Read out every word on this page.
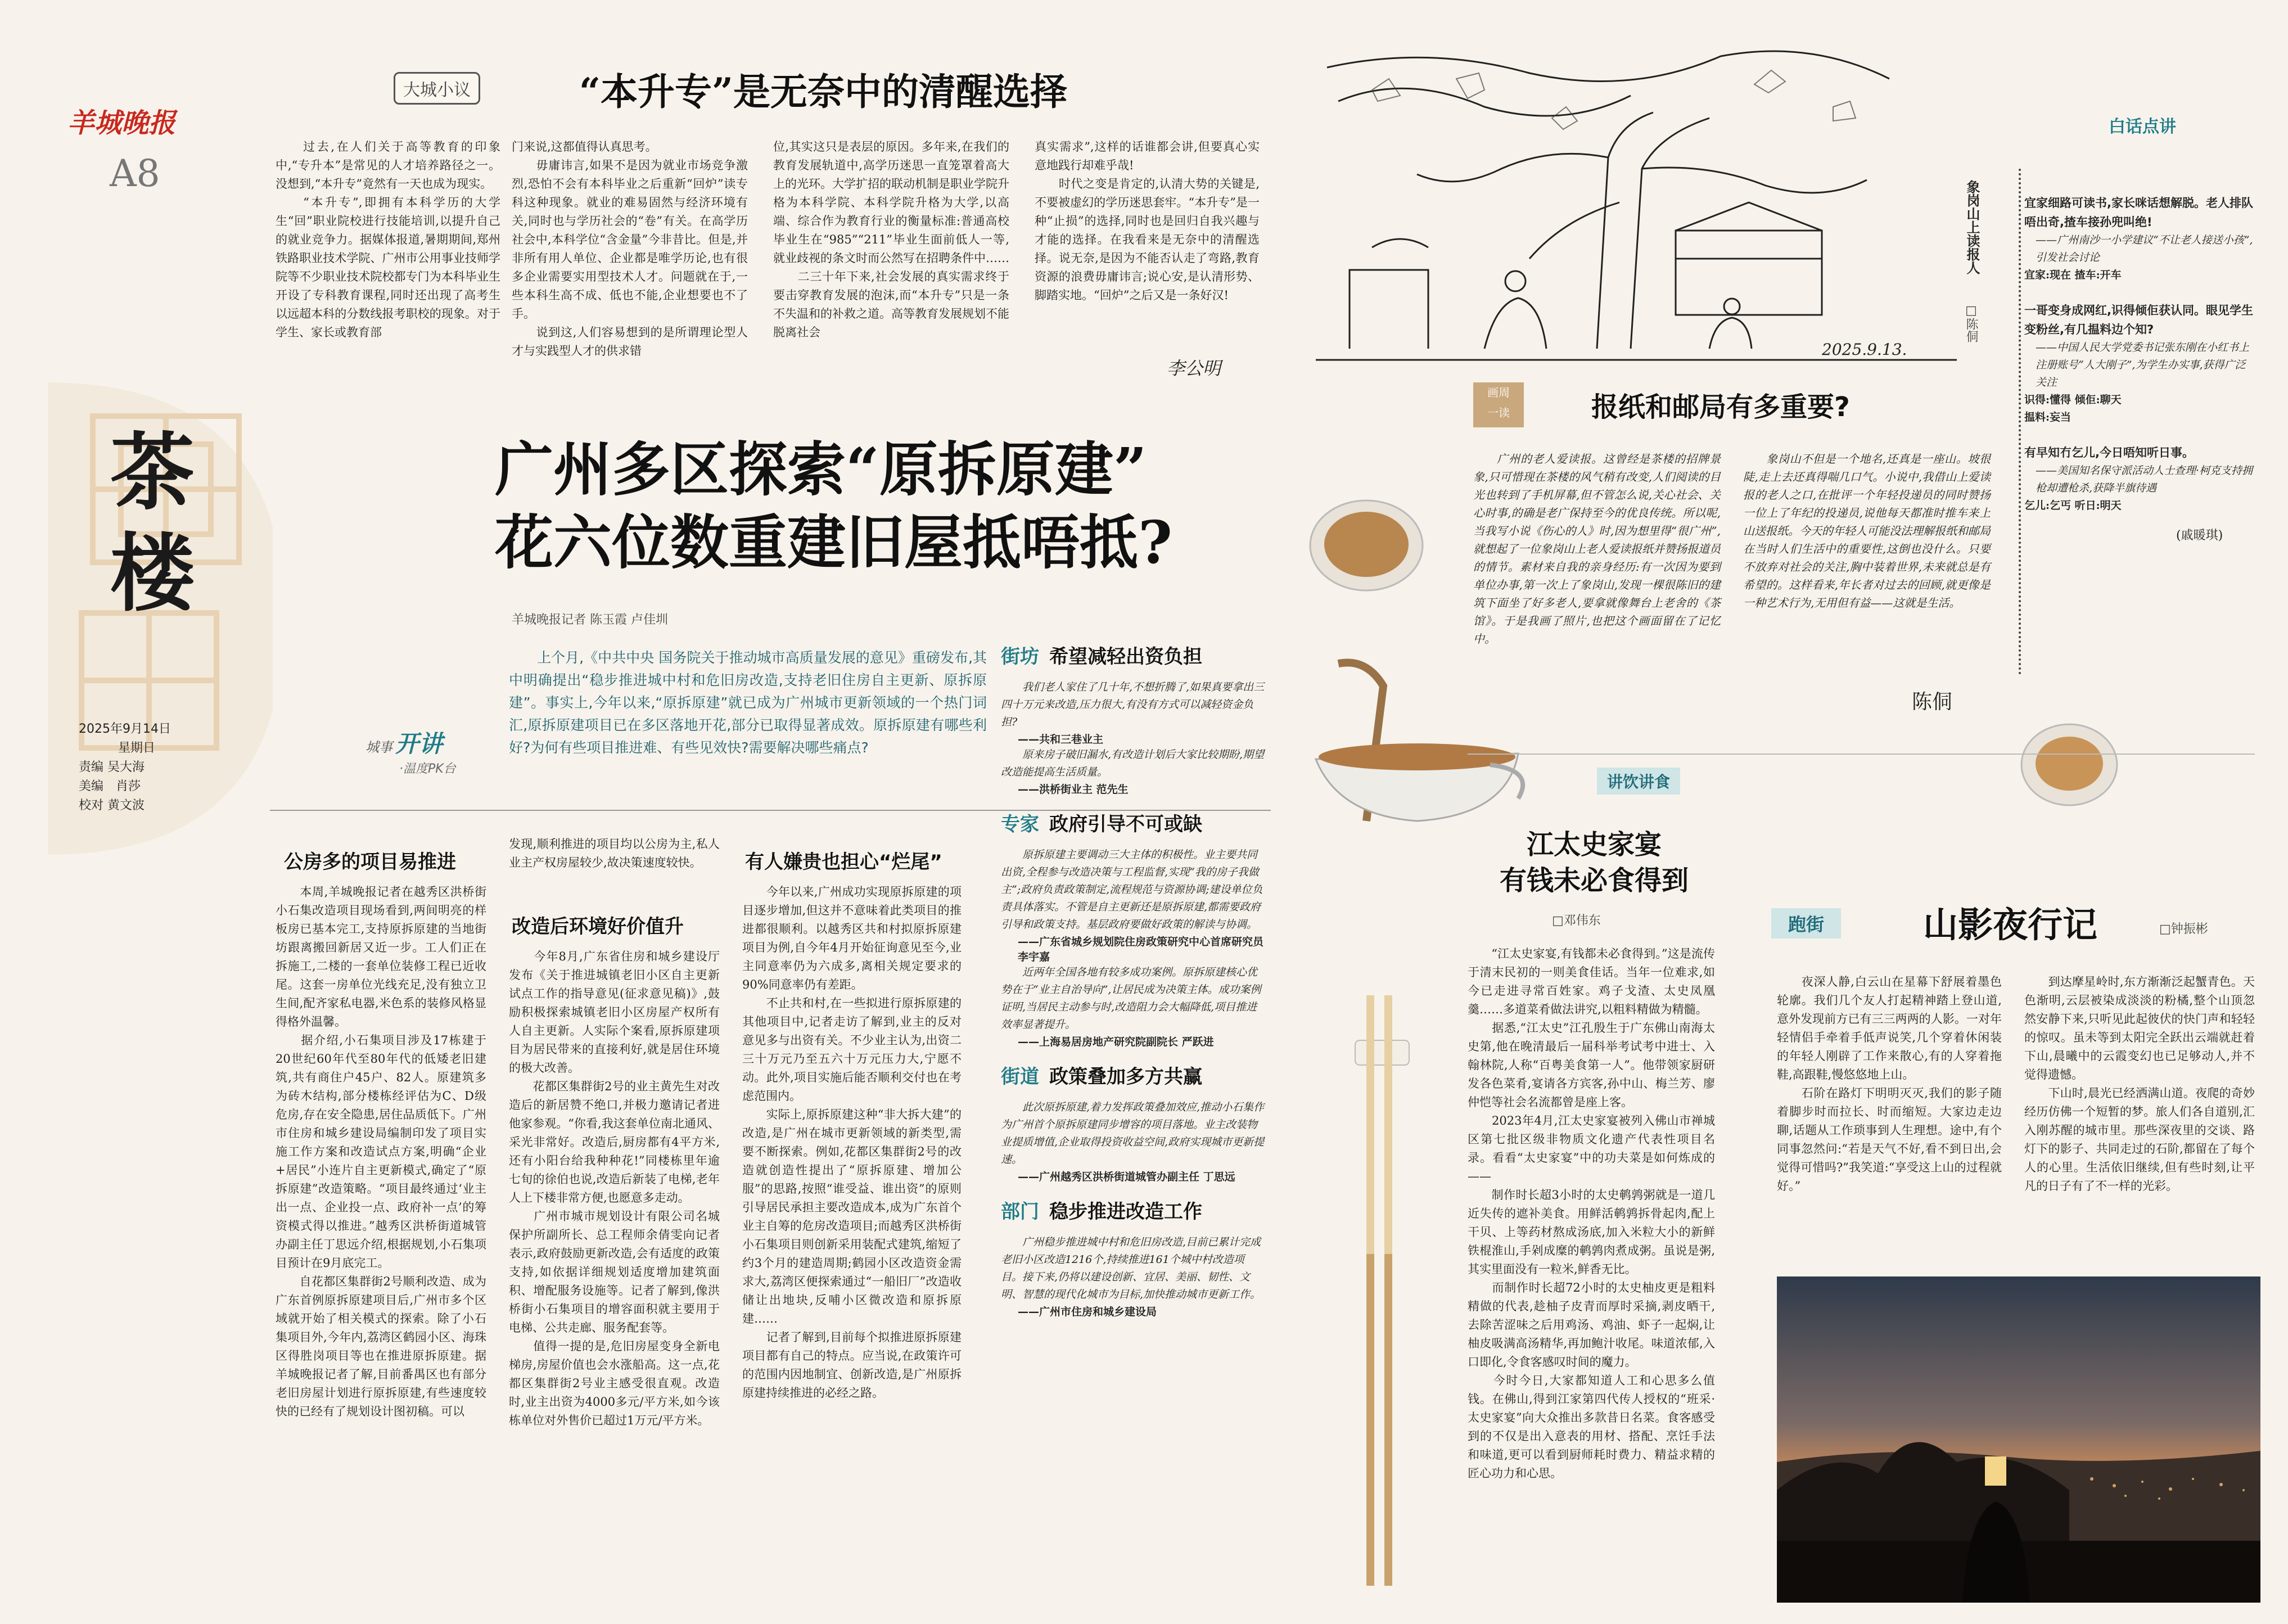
羊城晚报
A8
茶楼
2025年9月14日
星期日
责编 吴大海
美编　肖莎
校对 黄文波
大城小议	“本升专”是无奈中的清醒选择
　　过去,在人们关于高等教育的印象中,“专升本”是常见的人才培养路径之一。没想到,“本升专”竟然有一天也成为现实。
　　“本升专”,即拥有本科学历的大学生“回”职业院校进行技能培训,以提升自己的就业竞争力。据媒体报道,暑期期间,郑州铁路职业技术学院、广州市公用事业技师学院等不少职业技术院校都专门为本科毕业生开设了专科教育课程,同时还出现了高考生以远超本科的分数线报考职校的现象。对于学生、家长或教育部
门来说,这都值得认真思考。
　　毋庸讳言,如果不是因为就业市场竞争激烈,恐怕不会有本科毕业之后重新“回炉”读专科这种现象。就业的难易固然与经济环境有关,同时也与学历社会的“卷”有关。在高学历社会中,本科学位“含金量”今非昔比。但是,并非所有用人单位、企业都是唯学历论,也有很多企业需要实用型技术人才。问题就在于,一些本科生高不成、低也不能,企业想要也不了手。
　　说到这,人们容易想到的是所谓理论型人才与实践型人才的供求错
位,其实这只是表层的原因。多年来,在我们的教育发展轨道中,高学历迷思一直笼罩着高大上的光环。大学扩招的联动机制是职业学院升格为本科学院、本科学院升格为大学,以高端、综合作为教育行业的衡量标准:普通高校毕业生在“985”“211”毕业生面前低人一等,就业歧视的条文时而公然写在招聘条件中……
　　二三十年下来,社会发展的真实需求终于要击穿教育发展的泡沫,而“本升专”只是一条不失温和的补救之道。高等教育发展规划不能脱离社会
真实需求”,这样的话谁都会讲,但要真心实意地践行却难乎哉!
　　时代之变是肯定的,认清大势的关键是,不要被虚幻的学历迷思套牢。“本升专”是一种“止损”的选择,同时也是回归自我兴趣与才能的选择。在我看来是无奈中的清醒选择。说无奈,是因为不能否认走了弯路,教育资源的浪费毋庸讳言;说心安,是认清形势、脚踏实地。“回炉”之后又是一条好汉!
李公明
广州多区探索“原拆原建”
花六位数重建旧屋抵唔抵?
羊城晚报记者 陈玉霞 卢佳圳
城事 开讲
·温度PK台
　　上个月,《中共中央 国务院关于推动城市高质量发展的意见》重磅发布,其中明确提出“稳步推进城中村和危旧房改造,支持老旧住房自主更新、原拆原建”。事实上,今年以来,“原拆原建”就已成为广州城市更新领域的一个热门词汇,原拆原建项目已在多区落地开花,部分已取得显著成效。原拆原建有哪些利好?为何有些项目推进难、有些见效快?需要解决哪些痛点?
公房多的项目易推进
　　本周,羊城晚报记者在越秀区洪桥街小石集改造项目现场看到,两间明亮的样板房已基本完工,支持原拆原建的当地街坊跟离搬回新居又近一步。工人们正在拆施工,二楼的一套单位装修工程已近收尾。这套一房单位光线充足,没有独立卫生间,配齐家私电器,米色系的装修风格显得格外温馨。
　　据介绍,小石集项目涉及17栋建于20世纪60年代至80年代的低矮老旧建筑,共有商住户45户、82人。原建筑多为砖木结构,部分楼栋经评估为C、D级危房,存在安全隐患,居住品质低下。广州市住房和城乡建设局编制印发了项目实施工作方案和改造试点方案,明确“企业+居民”小连片自主更新模式,确定了“原拆原建”改造策略。“项目最终通过‘业主出一点、企业投一点、政府补一点’的筹资模式得以推进。”越秀区洪桥街道城管办副主任丁思远介绍,根据规划,小石集项目预计在9月底完工。
　　自花都区集群街2号顺利改造、成为广东首例原拆原建项目后,广州市多个区域就开始了相关模式的探索。除了小石集项目外,今年内,荔湾区鹤园小区、海珠区得胜岗项目等也在推进原拆原建。据羊城晚报记者了解,目前番禺区也有部分老旧房屋计划进行原拆原建,有些速度较快的已经有了规划设计图初稿。可以
发现,顺利推进的项目均以公房为主,私人业主产权房屋较少,故决策速度较快。
改造后环境好价值升
　　今年8月,广东省住房和城乡建设厅发布《关于推进城镇老旧小区自主更新试点工作的指导意见(征求意见稿)》,鼓励积极探索城镇老旧小区房屋产权所有人自主更新。人实际个案看,原拆原建项目为居民带来的直接利好,就是居住环境的极大改善。
　　花都区集群街2号的业主黄先生对改造后的新居赞不绝口,并极力邀请记者进他家参观。“你看,我这套单位南北通风、采光非常好。改造后,厨房都有4平方米,还有小阳台给我种种花!”同楼栋里年逾七旬的徐伯也说,改造后新装了电梯,老年人上下楼非常方便,也愿意多走动。
　　广州市城市规划设计有限公司名城保护所副所长、总工程师余倩雯向记者表示,政府鼓励更新改造,会有适度的政策支持,如依据详细规划适度增加建筑面积、增配服务设施等。记者了解到,像洪桥街小石集项目的增容面积就主要用于电梯、公共走廊、服务配套等。
　　值得一提的是,危旧房屋变身全新电梯房,房屋价值也会水涨船高。这一点,花都区集群街2号业主感受很直观。改造时,业主出资为4000多元/平方米,如今该栋单位对外售价已超过1万元/平方米。
有人嫌贵也担心“烂尾”
　　今年以来,广州成功实现原拆原建的项目逐步增加,但这并不意味着此类项目的推进都很顺利。以越秀区共和村拟原拆原建项目为例,自今年4月开始征询意见至今,业主同意率仍为六成多,离相关规定要求的90%同意率仍有差距。
　　不止共和村,在一些拟进行原拆原建的其他项目中,记者走访了解到,业主的反对意见多与出资有关。不少业主认为,出资二三十万元乃至五六十万元压力大,宁愿不动。此外,项目实施后能否顺利交付也在考虑范围内。
　　实际上,原拆原建这种“非大拆大建”的改造,是广州在城市更新领域的新类型,需要不断探索。例如,花都区集群街2号的改造就创造性提出了“原拆原建、增加公服”的思路,按照“谁受益、谁出资”的原则引导居民承担主要改造成本,成为广东首个业主自筹的危房改造项目;而越秀区洪桥街小石集项目则创新采用装配式建筑,缩短了约3个月的建造周期;鹤园小区改造资金需求大,荔湾区便探索通过“一船旧厂”改造收储让出地块,反哺小区微改造和原拆原建……
　　记者了解到,目前每个拟推进原拆原建项目都有自己的特点。应当说,在政策许可的范围内因地制宜、创新改造,是广州原拆原建持续推进的必经之路。
街坊 希望减轻出资负担
　　我们老人家住了几十年,不想折腾了,如果真要拿出三四十万元来改造,压力很大,有没有方式可以减轻资金负担?
——共和三巷业主
　　原来房子破旧漏水,有改造计划后大家比较期盼,期望改造能提高生活质量。
——洪桥街业主 范先生
专家 政府引导不可或缺
　　原拆原建主要调动三大主体的积极性。业主要共同出资,全程参与改造决策与工程监督,实现“我的房子我做主”;政府负责政策制定,流程规范与资源协调;建设单位负责具体落实。不管是自主更新还是原拆原建,都需要政府引导和政策支持。基层政府要做好政策的解读与协调。
——广东省城乡规划院住房政策研究中心首席研究员 李宇嘉
　　近两年全国各地有较多成功案例。原拆原建核心优势在于“业主自治导向”,让居民成为决策主体。成功案例证明,当居民主动参与时,改造阻力会大幅降低,项目推进效率显著提升。
——上海易居房地产研究院副院长 严跃进
街道 政策叠加多方共赢
　　此次原拆原建,着力发挥政策叠加效应,推动小石集作为广州首个原拆原建同步增容的项目落地。业主改装物业提质增值,企业取得投资收益空间,政府实现城市更新提速。
——广州越秀区洪桥街道城管办副主任 丁思远
部门 稳步推进改造工作
　　广州稳步推进城中村和危旧房改造,目前已累计完成老旧小区改造1216个,持续推进161个城中村改造项目。接下来,仍将以建设创新、宜居、美丽、韧性、文明、智慧的现代化城市为目标,加快推动城市更新工作。
——广州市住房和城乡建设局
2025.9.13.
象岗山上读报人
□陈侗
画周
一读	报纸和邮局有多重要?
　　广州的老人爱读报。这曾经是茶楼的招牌景象,只可惜现在茶楼的风气稍有改变,人们阅读的目光也转到了手机屏幕,但不管怎么说,关心社会、关心时事,的确是老广保持至今的优良传统。所以呢,当我写小说《伤心的人》时,因为想里得“很广州”,就想起了一位象岗山上老人爱读报纸并赞扬报道员的情节。素材来自我的亲身经历:有一次因为要到单位办事,第一次上了象岗山,发现一棵很陈旧的建筑下面坐了好多老人,要拿就像舞台上老舍的《茶馆》。于是我画了照片,也把这个画面留在了记忆中。
　　象岗山不但是一个地名,还真是一座山。坡很陡,走上去还真得喘几口气。小说中,我借山上爱读报的老人之口,在批评一个年轻投递员的同时赞扬一位上了年纪的投递员,说他每天都准时推车来上山送报纸。今天的年轻人可能没法理解报纸和邮局在当时人们生活中的重要性,这倒也没什么。只要不放弃对社会的关注,胸中装着世界,未来就总是有希望的。这样看来,年长者对过去的回顾,就更像是一种艺术行为,无用但有益——这就是生活。
陈侗
白话点讲
宜家细路可读书,家长咪话想解脱。老人排队唔出奇,揸车接孙兜叫绝!
——广州南沙一小学建议“不让老人接送小孩”,引发社会讨论
宜家:现在 揸车:开车
一哥变身成网红,识得倾佢获认同。眼见学生变粉丝,有几揾料边个知?
——中国人民大学党委书记张东刚在小红书上注册账号“人大刚子”,为学生办实事,获得广泛关注
识得:懂得 倾佢:聊天
揾料:妄当
有早知冇乞儿,今日唔知听日事。
——美国知名保守派活动人士查理·柯克支持拥枪却遭枪杀,获降半旗待遇
乞儿:乞丐 听日:明天
(戚暖琪)
讲饮讲食
江太史家宴
有钱未必食得到
□邓伟东
　　“江太史家宴,有钱都未必食得到。”这是流传于清末民初的一则美食佳话。当年一位难求,如今已走进寻常百姓家。鸡子戈渣、太史凤凰羹……多道菜肴做法讲究,以粗料精做为精髓。
　　据悉,“江太史”江孔殷生于广东佛山南海太史第,他在晚清最后一届科举考试考中进士、入翰林院,人称“百粤美食第一人”。他带领家厨研发各色菜肴,宴请各方宾客,孙中山、梅兰芳、廖仲恺等社会名流都曾是座上客。
　　2023年4月,江太史家宴被列入佛山市禅城区第七批区级非物质文化遗产代表性项目名录。看看“太史家宴”中的功夫菜是如何炼成的——
　　制作时长超3小时的太史鹌鹑粥就是一道几近失传的遮补美食。用鲜活鹌鹑拆骨起肉,配上干贝、上等药材熬成汤底,加入米粒大小的新鲜铁棍淮山,手剁成糜的鹌鹑肉煮成粥。虽说是粥,其实里面没有一粒米,鲜香无比。
　　而制作时长超72小时的太史柚皮更是粗料精做的代表,趁柚子皮青而厚时采摘,剥皮晒干,去除苦涩味之后用鸡汤、鸡油、虾子一起焖,让柚皮吸满高汤精华,再加鲍汁收尾。味道浓郁,入口即化,令食客感叹时间的魔力。
　　今时今日,大家都知道人工和心思多么值钱。在佛山,得到江家第四代传人授权的“班采·太史家宴”向大众推出多款昔日名菜。食客感受到的不仅是出入意表的用材、搭配、烹饪手法和味道,更可以看到厨师耗时费力、精益求精的匠心功力和心思。
跑街	山影夜行记	□钟振彬
　　夜深人静,白云山在星幕下舒展着墨色轮廓。我们几个友人打起精神踏上登山道,意外发现前方已有三三两两的人影。一对年轻情侣手牵着手低声说笑,几个穿着休闲装的年轻人刚辟了工作来散心,有的人穿着拖鞋,高跟鞋,慢悠悠地上山。
　　石阶在路灯下明明灭灭,我们的影子随着脚步时而拉长、时而缩短。大家边走边聊,话题从工作琐事到人生理想。途中,有个同事忽然问:“若是天气不好,看不到日出,会觉得可惜吗?”我笑道:“享受这上山的过程就好。”
　　到达摩星岭时,东方渐渐泛起蟹青色。天色渐明,云层被染成淡淡的粉橘,整个山顶忽然安静下来,只听见此起彼伏的快门声和轻轻的惊叹。虽未等到太阳完全跃出云端就赶着下山,晨曦中的云霞变幻也已足够动人,并不觉得遗憾。
　　下山时,晨光已经洒满山道。夜爬的奇妙经历仿佛一个短暂的梦。旅人们各自道别,汇入刚苏醒的城市里。那些深夜里的交谈、路灯下的影子、共同走过的石阶,都留在了每个人的心里。生活依旧继续,但有些时刻,让平凡的日子有了不一样的光彩。
